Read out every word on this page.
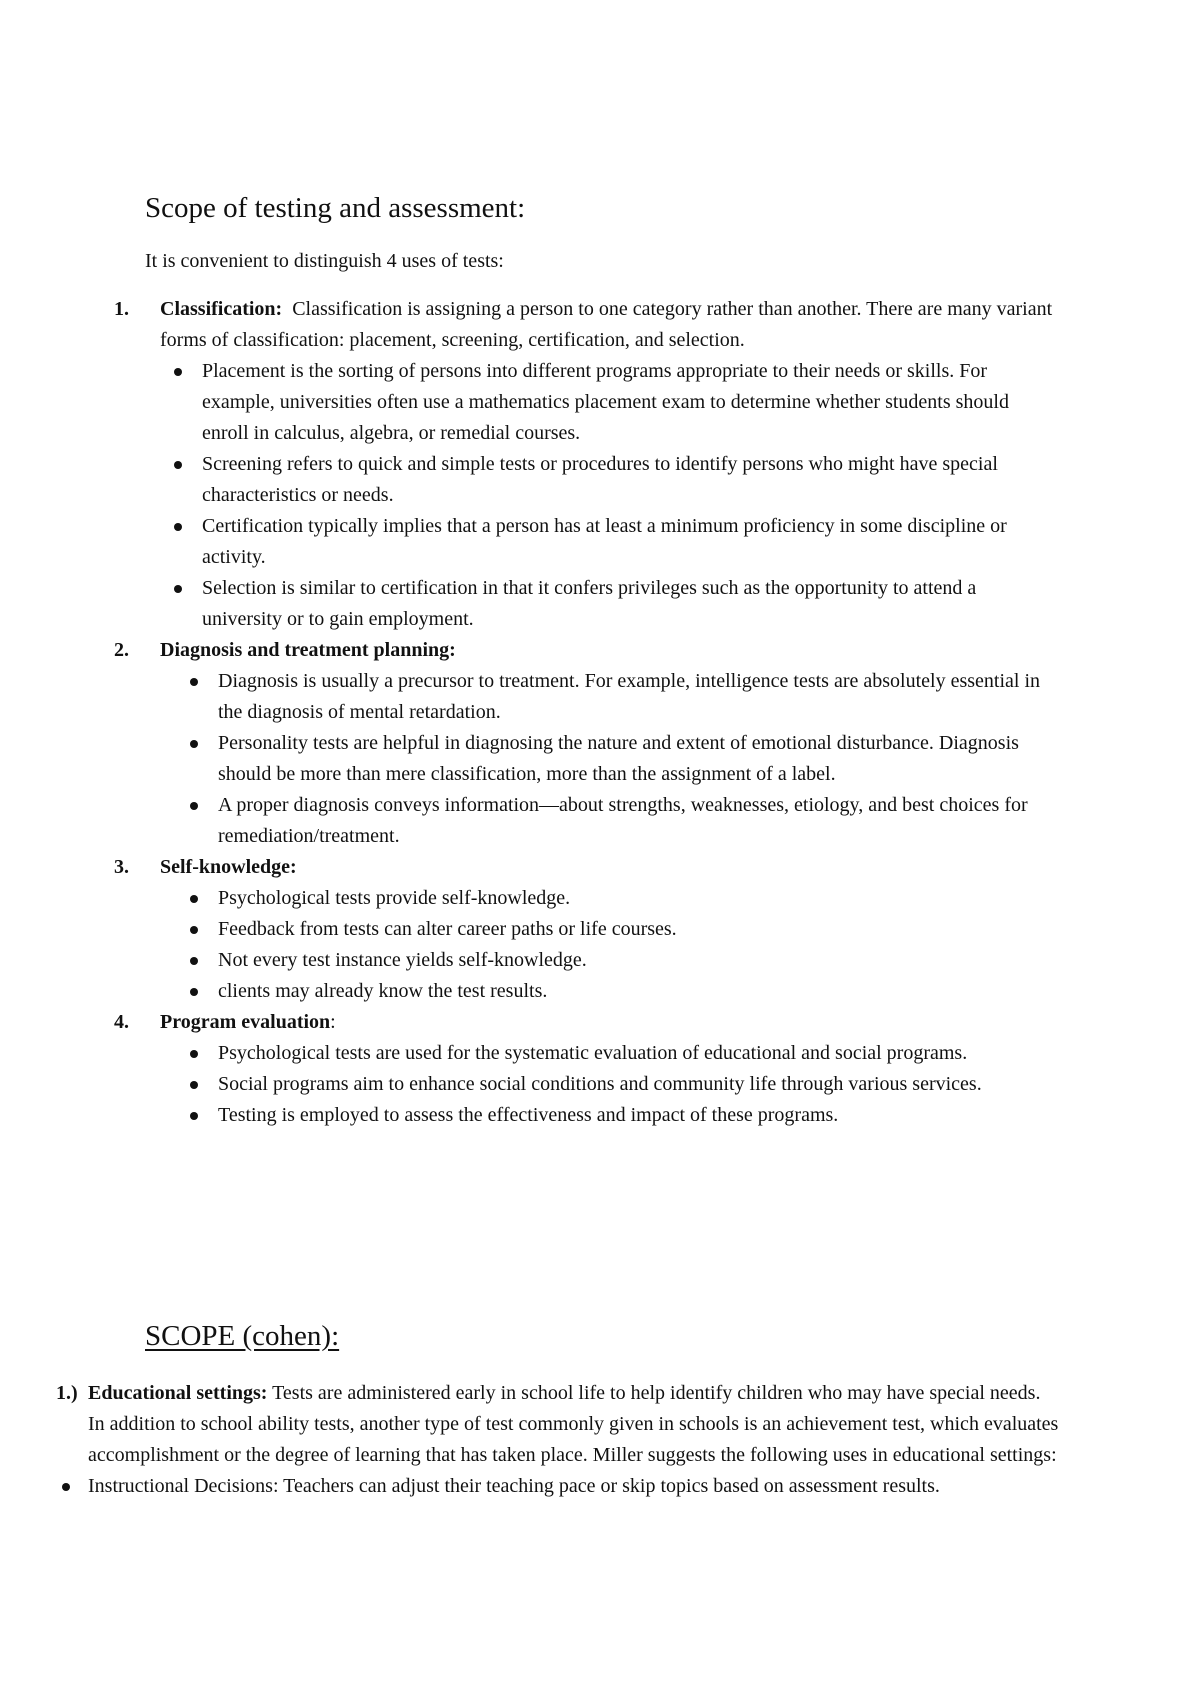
Scope of testing and assessment:

It is convenient to distinguish 4 uses of tests:

1. Classification: Classification is assigning a person to one category rather than another. There are many variant forms of classification: placement, screening, certification, and selection.
Placement is the sorting of persons into different programs appropriate to their needs or skills. For example, universities often use a mathematics placement exam to determine whether students should enroll in calculus, algebra, or remedial courses.
Screening refers to quick and simple tests or procedures to identify persons who might have special characteristics or needs.
Certification typically implies that a person has at least a minimum proficiency in some discipline or activity.
Selection is similar to certification in that it confers privileges such as the opportunity to attend a university or to gain employment.
2. Diagnosis and treatment planning:
Diagnosis is usually a precursor to treatment. For example, intelligence tests are absolutely essential in the diagnosis of mental retardation.
Personality tests are helpful in diagnosing the nature and extent of emotional disturbance. Diagnosis should be more than mere classification, more than the assignment of a label.
A proper diagnosis conveys information—about strengths, weaknesses, etiology, and best choices for remediation/treatment.
3. Self-knowledge:
Psychological tests provide self-knowledge.
Feedback from tests can alter career paths or life courses.
Not every test instance yields self-knowledge.
clients may already know the test results.
4. Program evaluation:
Psychological tests are used for the systematic evaluation of educational and social programs.
Social programs aim to enhance social conditions and community life through various services.
Testing is employed to assess the effectiveness and impact of these programs.
SCOPE (cohen):

1.) Educational settings: Tests are administered early in school life to help identify children who may have special needs. In addition to school ability tests, another type of test commonly given in schools is an achievement test, which evaluates accomplishment or the degree of learning that has taken place. Miller suggests the following uses in educational settings:

Instructional Decisions: Teachers can adjust their teaching pace or skip topics based on assessment results.
